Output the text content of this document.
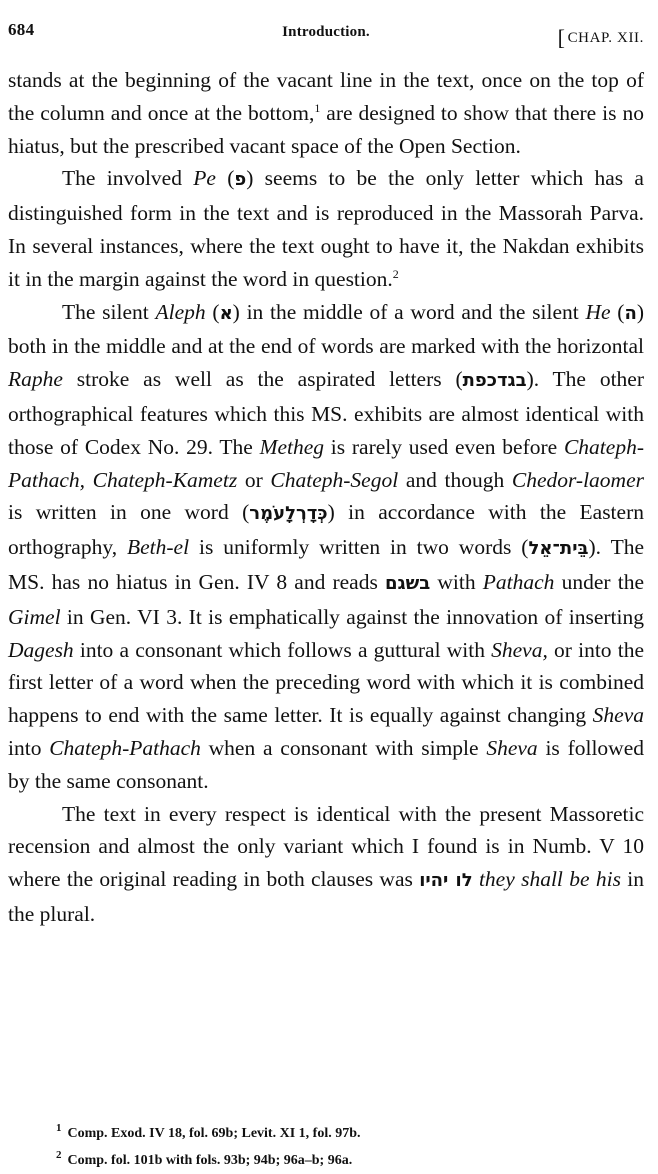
684	Introduction.	[ CHAP. XII.

stands at the beginning of the vacant line in the text, once on the top of the column and once at the bottom,$^1$ are designed to show that there is no hiatus, but the prescribed vacant space of the Open Section.

The involved Pe (פ) seems to be the only letter which has a distinguished form in the text and is reproduced in the Massorah Parva. In several instances, where the text ought to have it, the Nakdan exhibits it in the margin against the word in question.$^2$

The silent Aleph (א) in the middle of a word and the silent He (ה) both in the middle and at the end of words are marked with the horizontal Raphe stroke as well as the aspirated letters (בגדכפת). The other orthographical features which this MS. exhibits are almost identical with those of Codex No. 29. The Metheg is rarely used even before Chateph-Pathach, Chateph-Kametz or Chateph-Segol and though Chedor-laomer is written in one word (כְּדָרְלָעֹמֶר) in accordance with the Eastern orthography, Beth-el is uniformly written in two words (בֵּית־אֵל). The MS. has no hiatus in Gen. IV 8 and reads בשגם with Pathach under the Gimel in Gen. VI 3. It is emphatically against the innovation of inserting Dagesh into a consonant which follows a guttural with Sheva, or into the first letter of a word when the preceding word with which it is combined happens to end with the same letter. It is equally against changing Sheva into Chateph-Pathach when a consonant with simple Sheva is followed by the same consonant.

The text in every respect is identical with the present Massoretic recension and almost the only variant which I found is in Numb. V 10 where the original reading in both clauses was לו יהיו they shall be his in the plural.

$^1$ Comp. Exod. IV 18, fol. 69b; Levit. XI 1, fol. 97b.
$^2$ Comp. fol. 101b with fols. 93b; 94b; 96a–b; 96a.
